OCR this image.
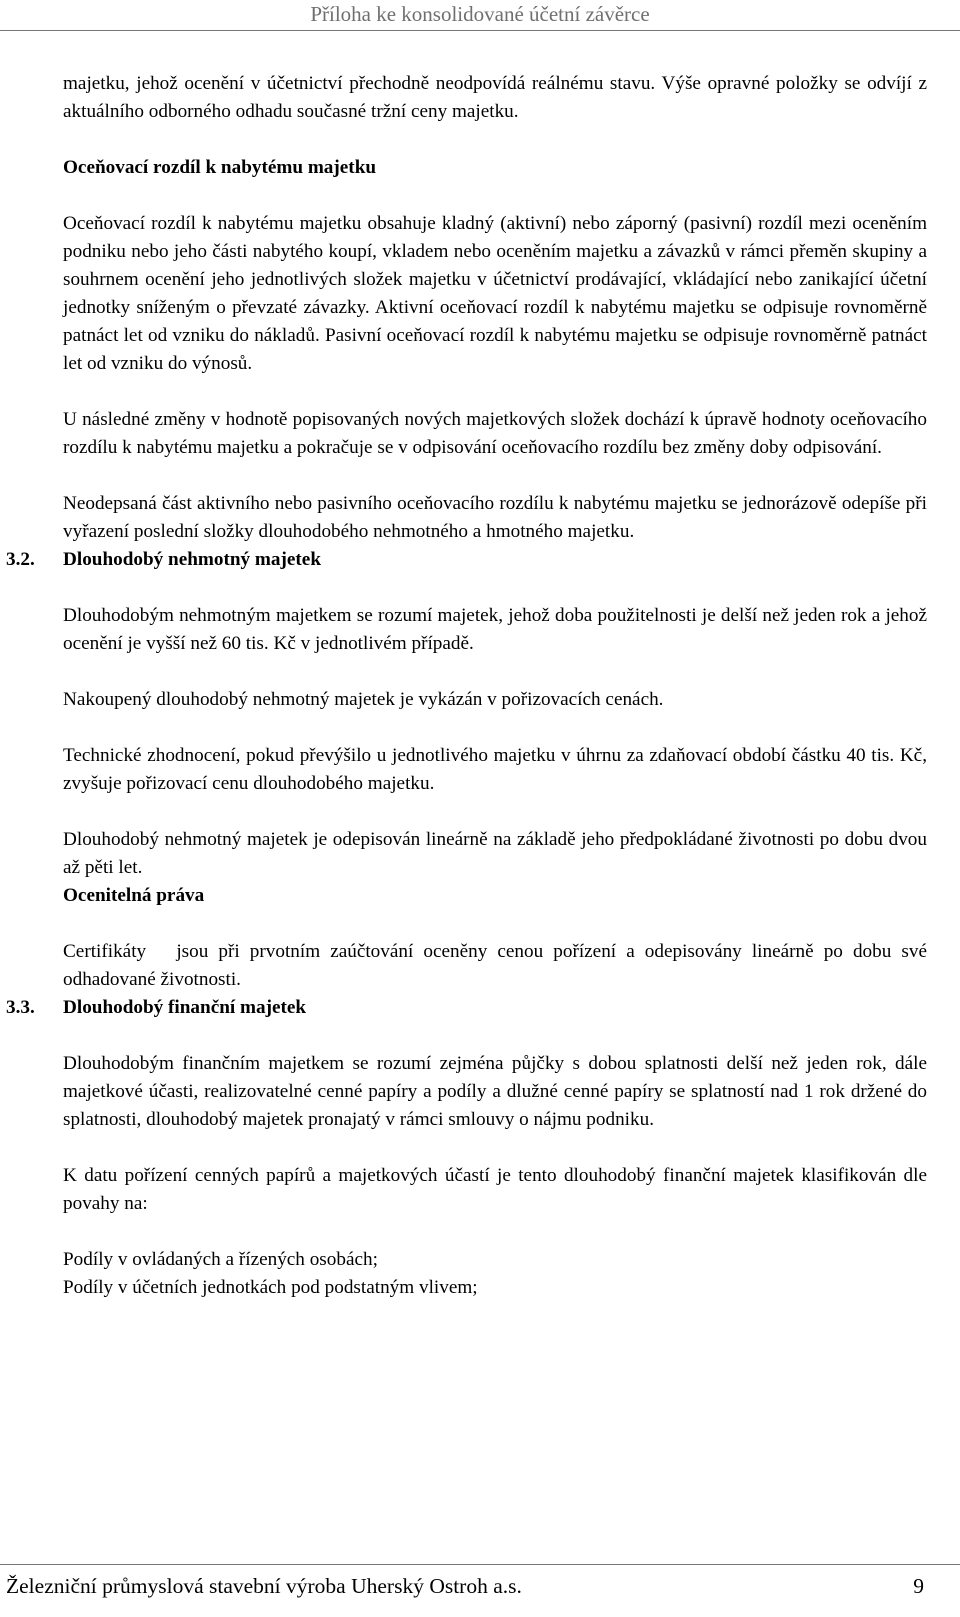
Příloha ke konsolidované účetní závěrce

majetku, jehož ocenění v účetnictví přechodně neodpovídá reálnému stavu. Výše opravné položky se odvíjí z aktuálního odborného odhadu současné tržní ceny majetku.

Oceňovací rozdíl k nabytému majetku

Oceňovací rozdíl k nabytému majetku obsahuje kladný (aktivní) nebo záporný (pasivní) rozdíl mezi oceněním podniku nebo jeho části nabytého koupí, vkladem nebo oceněním majetku a závazků v rámci přeměn skupiny a souhrnem ocenění jeho jednotlivých složek majetku v účetnictví prodávající, vkládající nebo zanikající účetní jednotky sníženým o převzaté závazky. Aktivní oceňovací rozdíl k nabytému majetku se odpisuje rovnoměrně patnáct let od vzniku do nákladů. Pasivní oceňovací rozdíl k nabytému majetku se odpisuje rovnoměrně patnáct let od vzniku do výnosů.

U následné změny v hodnotě popisovaných nových majetkových složek dochází k úpravě hodnoty oceňovacího rozdílu k nabytému majetku a pokračuje se v odpisování oceňovacího rozdílu bez změny doby odpisování.

Neodepsaná část aktivního nebo pasivního oceňovacího rozdílu k nabytému majetku se jednorázově odepíše při vyřazení poslední složky dlouhodobého nehmotného a hmotného majetku.

3.2. Dlouhodobý nehmotný majetek

Dlouhodobým nehmotným majetkem se rozumí majetek, jehož doba použitelnosti je delší než jeden rok a jehož ocenění je vyšší než 60 tis. Kč v jednotlivém případě.

Nakoupený dlouhodobý nehmotný majetek je vykázán v pořizovacích cenách.

Technické zhodnocení, pokud převýšilo u jednotlivého majetku v úhrnu za zdaňovací období částku 40 tis. Kč, zvyšuje pořizovací cenu dlouhodobého majetku.

Dlouhodobý nehmotný majetek je odepisován lineárně na základě jeho předpokládané životnosti po dobu dvou  až pěti let.

Ocenitelná práva

Certifikáty   jsou při prvotním zaúčtování oceněny cenou pořízení a odepisovány lineárně po dobu své odhadované životnosti.

3.3. Dlouhodobý finanční majetek

Dlouhodobým finančním majetkem se rozumí zejména půjčky s dobou splatnosti delší než jeden rok, dále majetkové účasti, realizovatelné cenné papíry a podíly a dlužné cenné papíry se splatností nad 1 rok držené do splatnosti, dlouhodobý majetek pronajatý v rámci smlouvy o nájmu podniku.

K datu pořízení cenných papírů a majetkových účastí je tento dlouhodobý finanční majetek klasifikován dle povahy na:

Podíly v ovládaných a řízených osobách;

Podíly v účetních jednotkách pod podstatným vlivem;

Železniční průmyslová stavební výroba Uherský Ostroh a.s.	9
